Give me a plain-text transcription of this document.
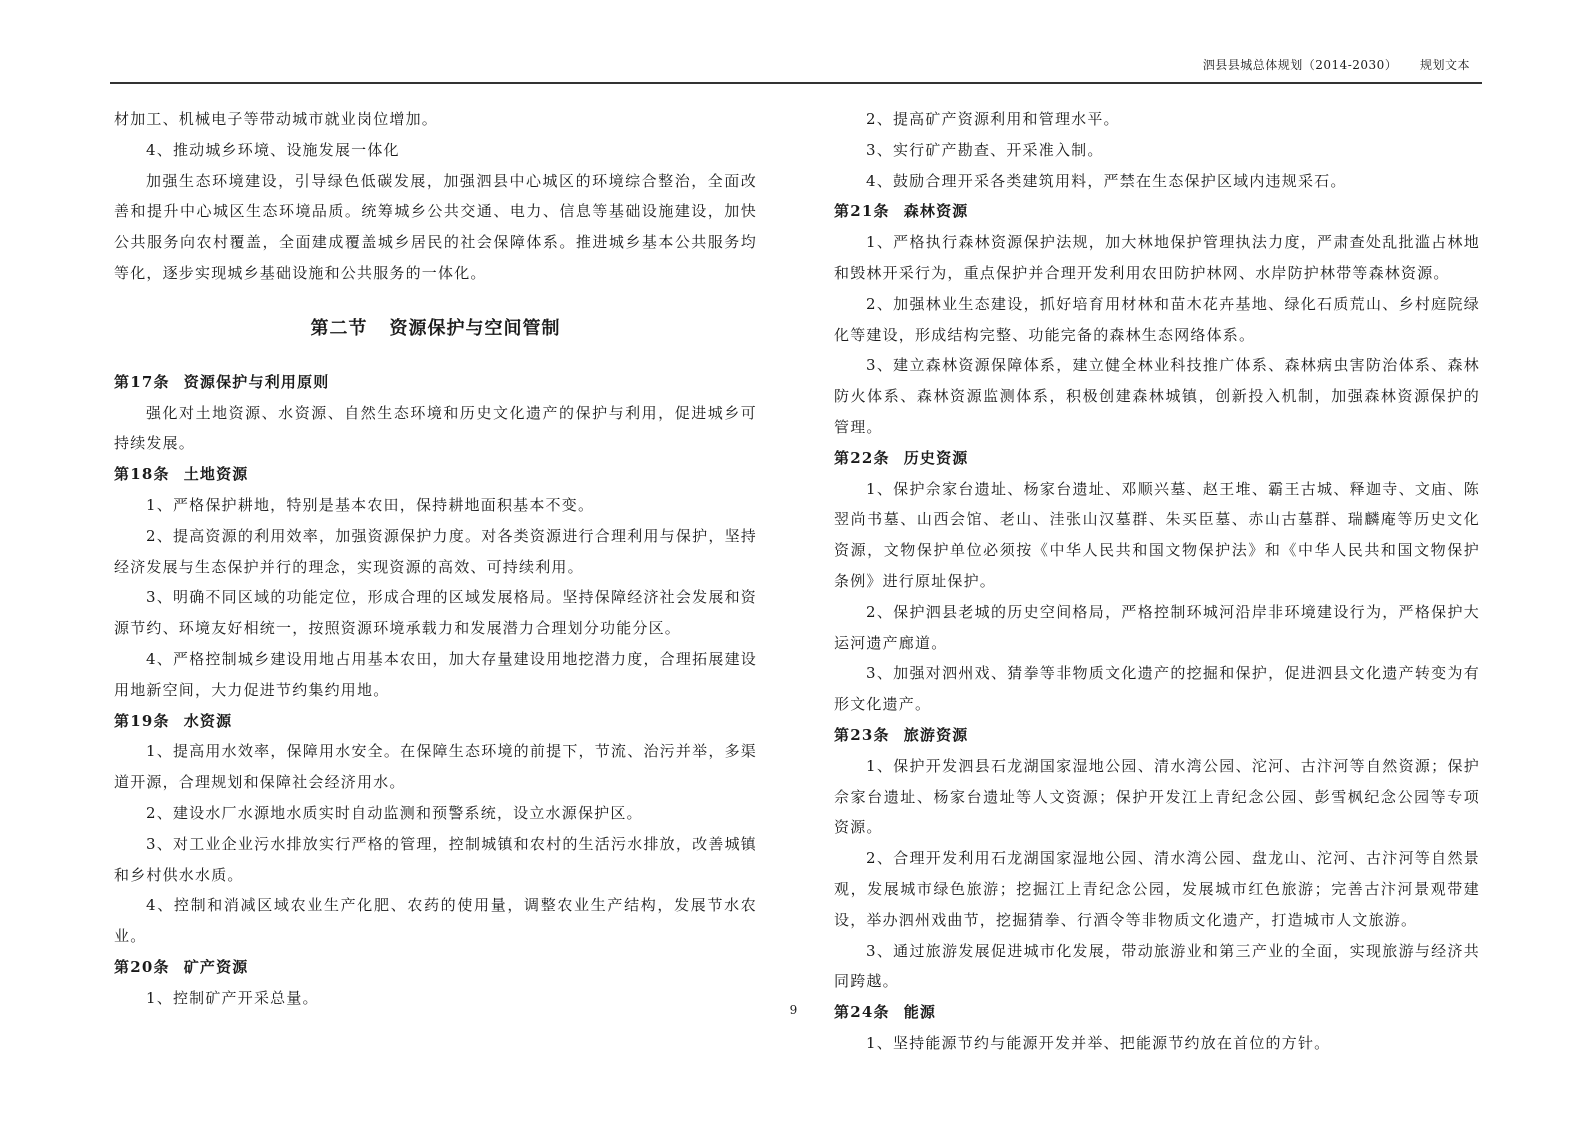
泗县县城总体规划（2014-2030） 规划文本

材加工、机械电子等带动城市就业岗位增加。

4、推动城乡环境、设施发展一体化

加强生态环境建设，引导绿色低碳发展，加强泗县中心城区的环境综合整治，全面改善和提升中心城区生态环境品质。统筹城乡公共交通、电力、信息等基础设施建设，加快公共服务向农村覆盖，全面建成覆盖城乡居民的社会保障体系。推进城乡基本公共服务均等化，逐步实现城乡基础设施和公共服务的一体化。

第二节 资源保护与空间管制

第17条 资源保护与利用原则

强化对土地资源、水资源、自然生态环境和历史文化遗产的保护与利用，促进城乡可持续发展。

第18条 土地资源

1、严格保护耕地，特别是基本农田，保持耕地面积基本不变。

2、提高资源的利用效率，加强资源保护力度。对各类资源进行合理利用与保护，坚持经济发展与生态保护并行的理念，实现资源的高效、可持续利用。

3、明确不同区域的功能定位，形成合理的区域发展格局。坚持保障经济社会发展和资源节约、环境友好相统一，按照资源环境承载力和发展潜力合理划分功能分区。

4、严格控制城乡建设用地占用基本农田，加大存量建设用地挖潜力度，合理拓展建设用地新空间，大力促进节约集约用地。

第19条 水资源

1、提高用水效率，保障用水安全。在保障生态环境的前提下，节流、治污并举，多渠道开源，合理规划和保障社会经济用水。

2、建设水厂水源地水质实时自动监测和预警系统，设立水源保护区。

3、对工业企业污水排放实行严格的管理，控制城镇和农村的生活污水排放，改善城镇和乡村供水水质。

4、控制和消减区域农业生产化肥、农药的使用量，调整农业生产结构，发展节水农业。

第20条 矿产资源

1、控制矿产开采总量。

2、提高矿产资源利用和管理水平。

3、实行矿产勘查、开采准入制。

4、鼓励合理开采各类建筑用料，严禁在生态保护区域内违规采石。

第21条 森林资源

1、严格执行森林资源保护法规，加大林地保护管理执法力度，严肃查处乱批滥占林地和毁林开采行为，重点保护并合理开发利用农田防护林网、水岸防护林带等森林资源。

2、加强林业生态建设，抓好培育用材林和苗木花卉基地、绿化石质荒山、乡村庭院绿化等建设，形成结构完整、功能完备的森林生态网络体系。

3、建立森林资源保障体系，建立健全林业科技推广体系、森林病虫害防治体系、森林防火体系、森林资源监测体系，积极创建森林城镇，创新投入机制，加强森林资源保护的管理。

第22条 历史资源

1、保护佘家台遗址、杨家台遗址、邓顺兴墓、赵王堆、霸王古城、释迦寺、文庙、陈翌尚书墓、山西会馆、老山、洼张山汉墓群、朱买臣墓、赤山古墓群、瑞麟庵等历史文化资源，文物保护单位必须按《中华人民共和国文物保护法》和《中华人民共和国文物保护条例》进行原址保护。

2、保护泗县老城的历史空间格局，严格控制环城河沿岸非环境建设行为，严格保护大运河遗产廊道。

3、加强对泗州戏、猜拳等非物质文化遗产的挖掘和保护，促进泗县文化遗产转变为有形文化遗产。

第23条 旅游资源

1、保护开发泗县石龙湖国家湿地公园、清水湾公园、沱河、古汴河等自然资源；保护佘家台遗址、杨家台遗址等人文资源；保护开发江上青纪念公园、彭雪枫纪念公园等专项资源。

2、合理开发利用石龙湖国家湿地公园、清水湾公园、盘龙山、沱河、古汴河等自然景观，发展城市绿色旅游；挖掘江上青纪念公园，发展城市红色旅游；完善古汴河景观带建设，举办泗州戏曲节，挖掘猜拳、行酒令等非物质文化遗产，打造城市人文旅游。

3、通过旅游发展促进城市化发展，带动旅游业和第三产业的全面，实现旅游与经济共同跨越。

第24条 能源

1、坚持能源节约与能源开发并举、把能源节约放在首位的方针。

9
